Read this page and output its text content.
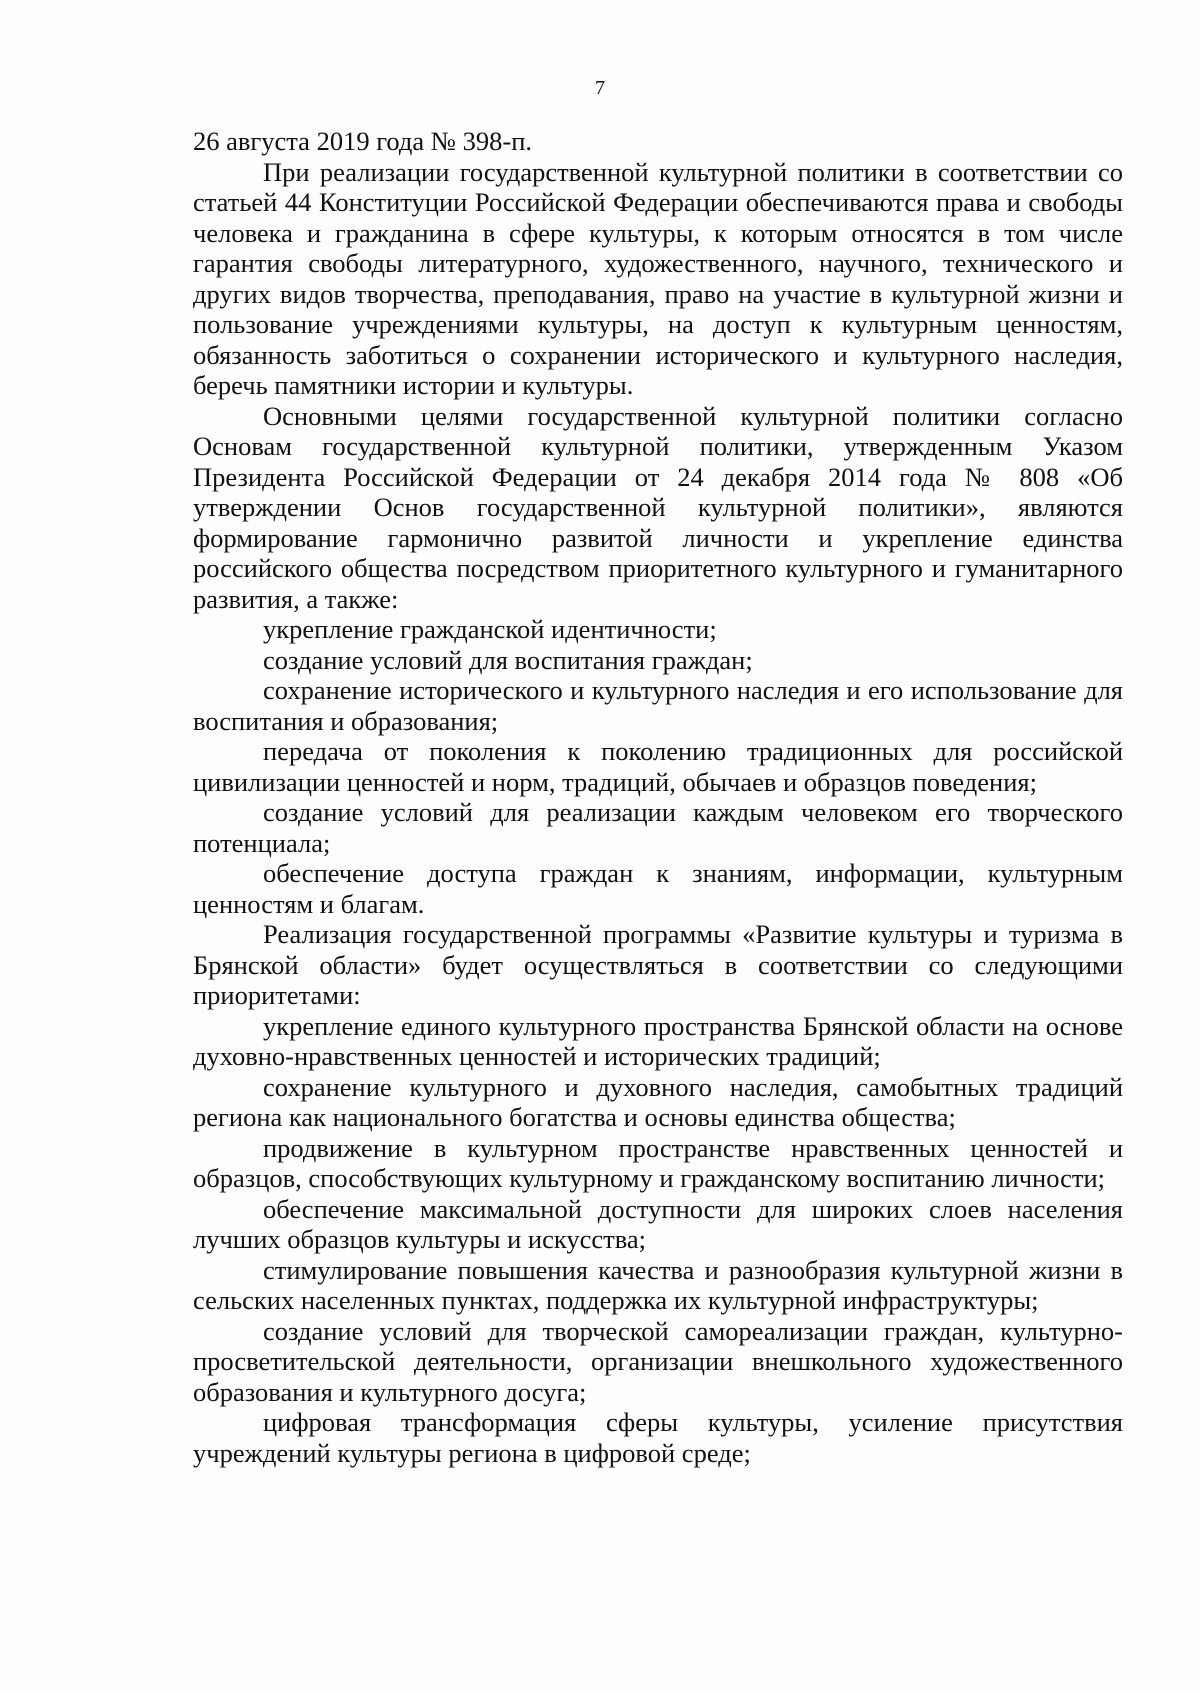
7

26 августа 2019 года № 398-п.

При реализации государственной культурной политики в соответствии со статьей 44 Конституции Российской Федерации обеспечиваются права и свободы человека и гражданина в сфере культуры, к которым относятся в том числе гарантия свободы литературного, художественного, научного, технического и других видов творчества, преподавания, право на участие в культурной жизни и пользование учреждениями культуры, на доступ к культурным ценностям, обязанность заботиться о сохранении исторического и культурного наследия, беречь памятники истории и культуры.

Основными целями государственной культурной политики согласно Основам государственной культурной политики, утвержденным Указом Президента Российской Федерации от 24 декабря 2014 года № 808 «Об утверждении Основ государственной культурной политики», являются формирование гармонично развитой личности и укрепление единства российского общества посредством приоритетного культурного и гуманитарного развития, а также:

укрепление гражданской идентичности;
создание условий для воспитания граждан;
сохранение исторического и культурного наследия и его использование для воспитания и образования;
передача от поколения к поколению традиционных для российской цивилизации ценностей и норм, традиций, обычаев и образцов поведения;
создание условий для реализации каждым человеком его творческого потенциала;
обеспечение доступа граждан к знаниям, информации, культурным ценностям и благам.

Реализация государственной программы «Развитие культуры и туризма в Брянской области» будет осуществляться в соответствии со следующими приоритетами:

укрепление единого культурного пространства Брянской области на основе духовно-нравственных ценностей и исторических традиций;
сохранение культурного и духовного наследия, самобытных традиций региона как национального богатства и основы единства общества;
продвижение в культурном пространстве нравственных ценностей и образцов, способствующих культурному и гражданскому воспитанию личности;
обеспечение максимальной доступности для широких слоев населения лучших образцов культуры и искусства;
стимулирование повышения качества и разнообразия культурной жизни в сельских населенных пунктах, поддержка их культурной инфраструктуры;
создание условий для творческой самореализации граждан, культурно-просветительской деятельности, организации внешкольного художественного образования и культурного досуга;
цифровая трансформация сферы культуры, усиление присутствия учреждений культуры региона в цифровой среде;
